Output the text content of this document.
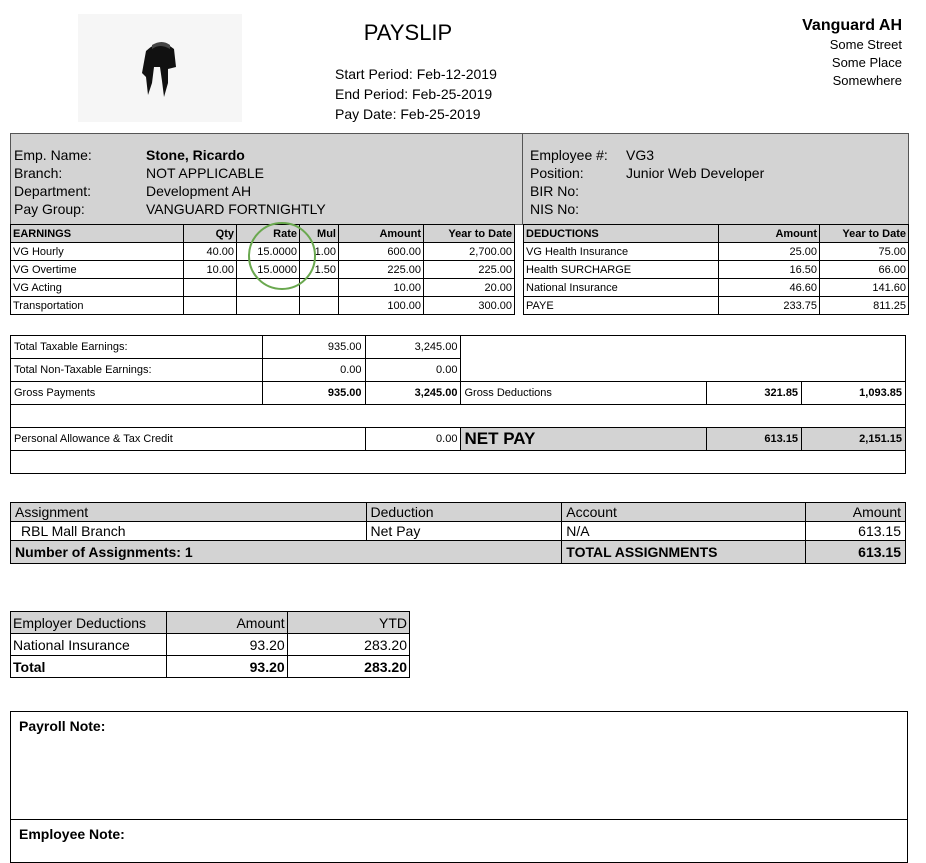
PAYSLIP
Start Period: Feb-12-2019
End Period: Feb-25-2019
Pay Date: Feb-25-2019
Vanguard AH
Some Street
Some Place
Somewhere
Emp. Name:	Stone, Ricardo
Branch:	NOT APPLICABLE
Department:	Development AH
Pay Group:	VANGUARD FORTNIGHTLY
Employee #:	VG3
Position:	Junior Web Developer
BIR No:
NIS No:
EARNINGS	Qty	Rate	Mul	Amount	Year to Date
VG Hourly	40.00	15.0000	1.00	600.00	2,700.00
VG Overtime	10.00	15.0000	1.50	225.00	225.00
VG Acting				10.00	20.00
Transportation				100.00	300.00
DEDUCTIONS	Amount	Year to Date
VG Health Insurance	25.00	75.00
Health SURCHARGE	16.50	66.00
National Insurance	46.60	141.60
PAYE	233.75	811.25
Total Taxable Earnings:	935.00	3,245.00			
Total Non-Taxable Earnings:	0.00	0.00			
Gross Payments	935.00	3,245.00	Gross Deductions	321.85	1,093.85

Personal Allowance & Tax Credit		0.00	NET PAY	613.15	2,151.15

Assignment	Deduction	Account	Amount
RBL Mall Branch	Net Pay	N/A	613.15
Number of Assignments: 1		TOTAL ASSIGNMENTS	613.15
Employer Deductions	Amount	YTD
National Insurance	93.20	283.20
Total	93.20	283.20
Payroll Note:
Employee Note:
